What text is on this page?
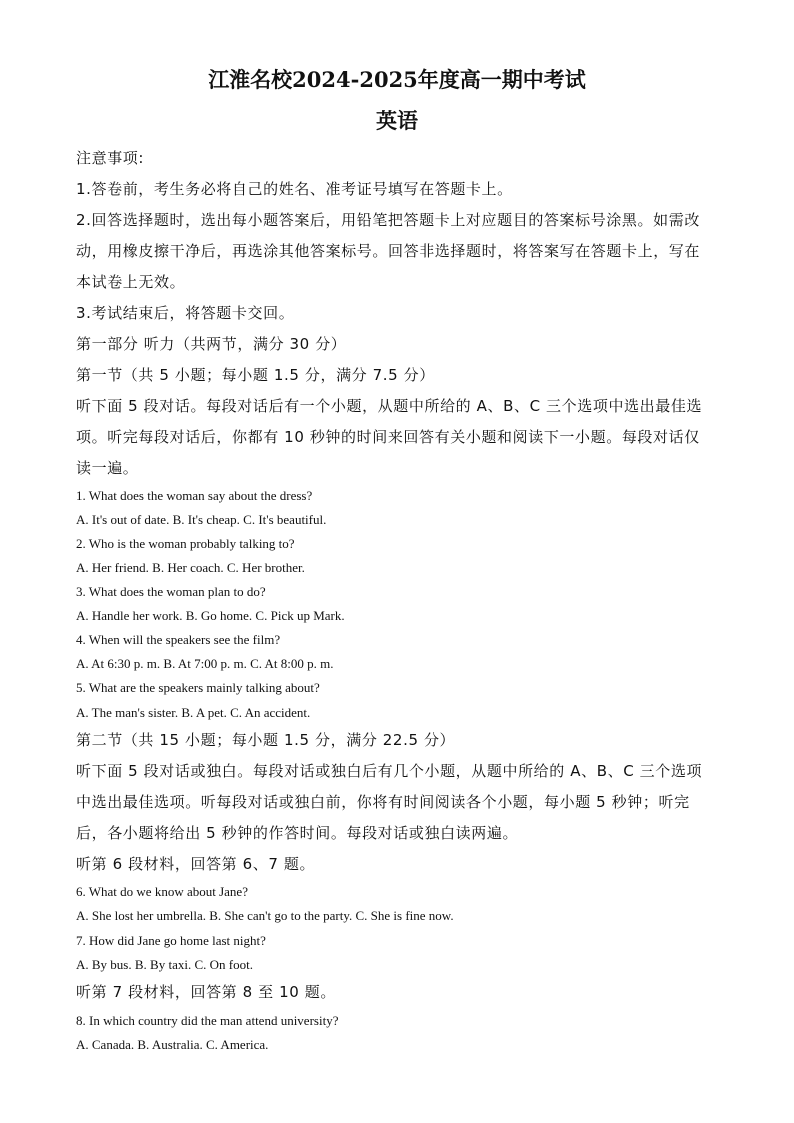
江淮名校2024-2025年度高一期中考试
英语
注意事项:
1.答卷前，考生务必将自己的姓名、准考证号填写在答题卡上。
2.回答选择题时，选出每小题答案后，用铅笔把答题卡上对应题目的答案标号涂黑。如需改
动，用橡皮擦干净后，再选涂其他答案标号。回答非选择题时，将答案写在答题卡上，写在
本试卷上无效。
3.考试结束后，将答题卡交回。
第一部分 听力（共两节，满分 30 分）
第一节（共 5 小题；每小题 1.5 分，满分 7.5 分）
听下面 5 段对话。每段对话后有一个小题，从题中所给的 A、B、C 三个选项中选出最佳选
项。听完每段对话后，你都有 10 秒钟的时间来回答有关小题和阅读下一小题。每段对话仅
读一遍。
1. What does the woman say about the dress?
A. It's out of date. B. It's cheap. C. It's beautiful.
2. Who is the woman probably talking to?
A. Her friend. B. Her coach. C. Her brother.
3. What does the woman plan to do?
A. Handle her work. B. Go home. C. Pick up Mark.
4. When will the speakers see the film?
A. At 6:30 p. m. B. At 7:00 p. m. C. At 8:00 p. m.
5. What are the speakers mainly talking about?
A. The man's sister. B. A pet. C. An accident.
第二节（共 15 小题；每小题 1.5 分，满分 22.5 分）
听下面 5 段对话或独白。每段对话或独白后有几个小题，从题中所给的 A、B、C 三个选项
中选出最佳选项。听每段对话或独白前，你将有时间阅读各个小题，每小题 5 秒钟；听完
后，各小题将给出 5 秒钟的作答时间。每段对话或独白读两遍。
听第 6 段材料，回答第 6、7 题。
6. What do we know about Jane?
A. She lost her umbrella. B. She can't go to the party. C. She is fine now.
7. How did Jane go home last night?
A. By bus. B. By taxi. C. On foot.
听第 7 段材料，回答第 8 至 10 题。
8. In which country did the man attend university?
A. Canada. B. Australia. C. America.
